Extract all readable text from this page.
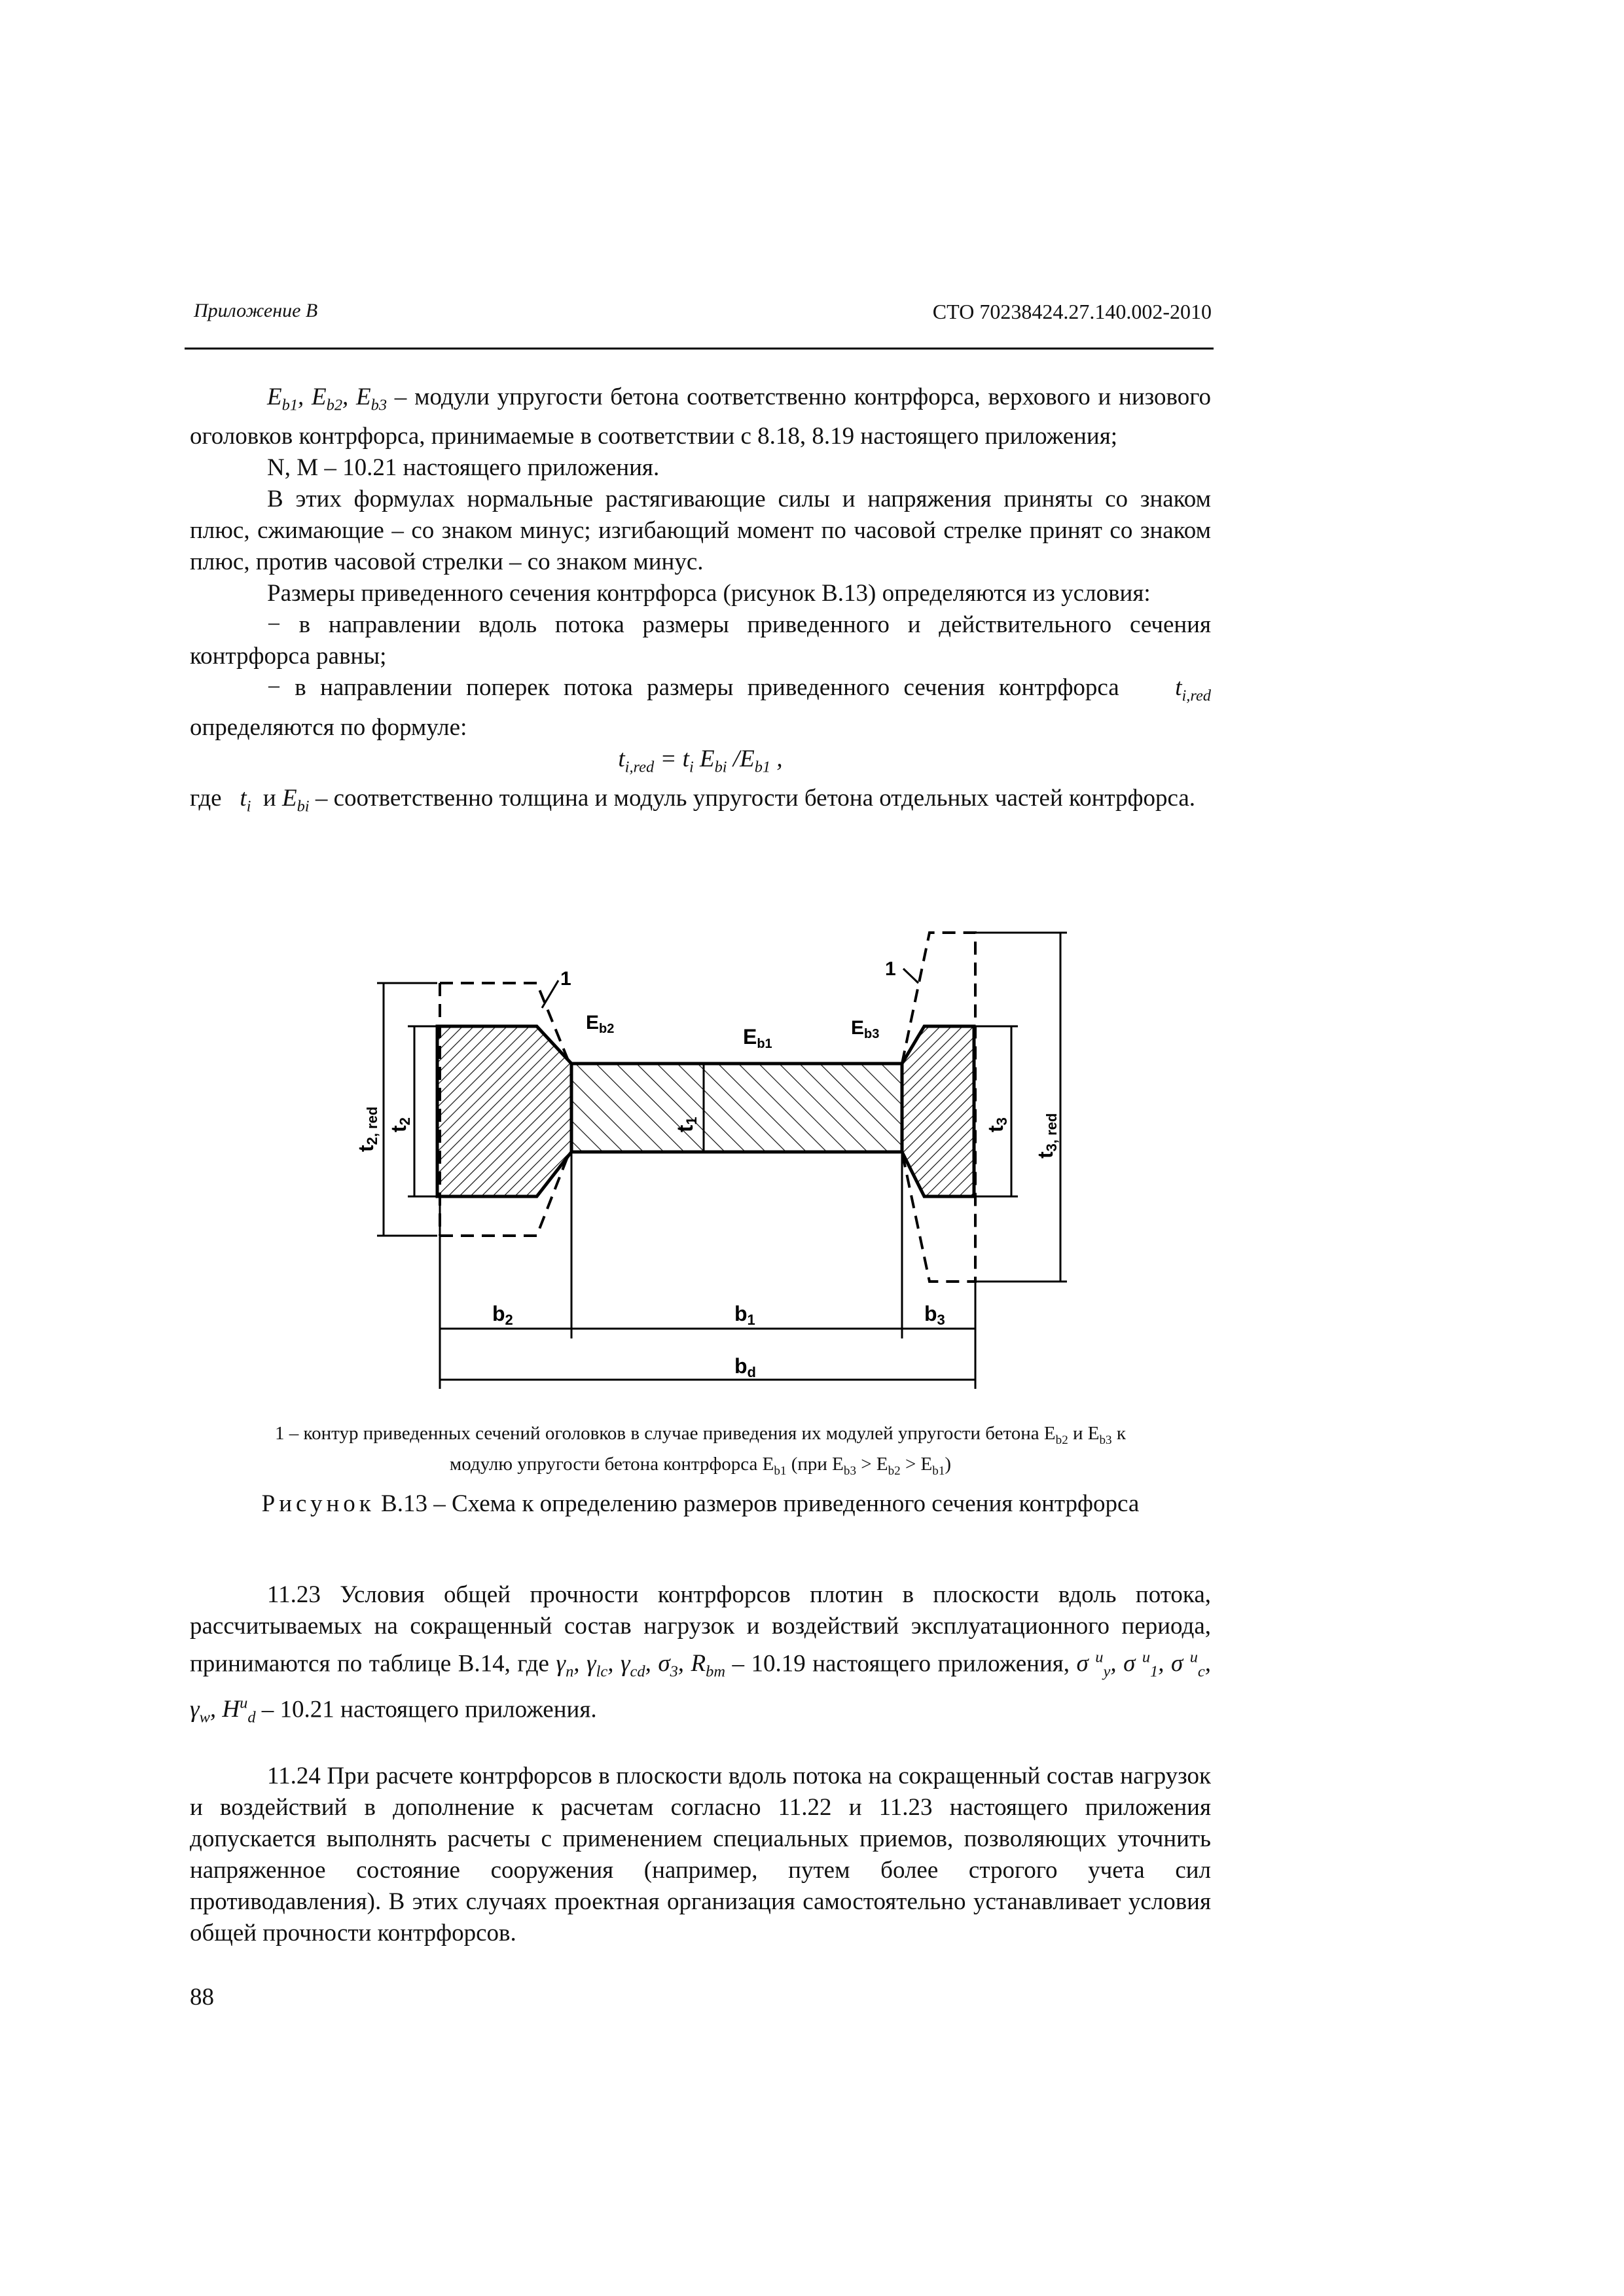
Приложение В	СТО 70238424.27.140.002-2010

$E_{b1}$, $E_{b2}$, $E_{b3}$ – модули упругости бетона соответственно контрфорса, верхового и низового оголовков контрфорса, принимаемые в соответствии с 8.18, 8.19 настоящего приложения;

N, M – 10.21 настоящего приложения.

В этих формулах нормальные растягивающие силы и напряжения приняты со знаком плюс, сжимающие – со знаком минус; изгибающий момент по часовой стрелке принят со знаком плюс, против часовой стрелки – со знаком минус.

Размеры приведенного сечения контрфорса (рисунок В.13) определяются из условия:

− в направлении вдоль потока размеры приведенного и действительного сечения контрфорса равны;

− в направлении поперек потока размеры приведенного сечения контрфорса $t_{i,red}$ определяются по формуле:

$t_{i,red} = t_i$ $E_{bi}$ $/E_{b1}$ ,

где $t_i$ и $E_{bi}$ – соответственно толщина и модуль упругости бетона отдельных частей контрфорса.

1	1
$E_{b2}$	Eb1
$E_{b3}$
t1
t2, red t2
t3
t3, red
b2	b1	b3
bd
1 – контур приведенных сечений оголовков в случае приведения их модулей упругости бетона $E_{b2}$ и $E_{b3}$ к
модулю упругости бетона контрфорса $E_{b1}$ (при $E_{b3} > E_{b2} > E_{b1}$)
Рисунок В.13 – Схема к определению размеров приведенного сечения контрфорса

11.23 Условия общей прочности контрфорсов плотин в плоскости вдоль потока, рассчитываемых на сокращенный состав нагрузок и воздействий эксплуатационного периода, принимаются по таблице В.14, где $\gamma_n$, $\gamma_{lc}$, $\gamma_{cd}$, $\sigma_3$, $R_{bт} - 10.19$ настоящего приложения, σ $^u_y$, σ $^u_1$, σ $^u_c$, $\gamma_w$, $H^u_d - 10.21$ настоящего приложения.

11.24 При расчете контрфорсов в плоскости вдоль потока на сокращенный состав нагрузок и воздействий в дополнение к расчетам согласно 11.22 и 11.23 настоящего приложения допускается выполнять расчеты с применением специальных приемов, позволяющих уточнить напряженное состояние сооружения (например, путем более строгого учета сил противодавления). В этих случаях проектная организация самостоятельно устанавливает условия общей прочности контрфорсов.

88
